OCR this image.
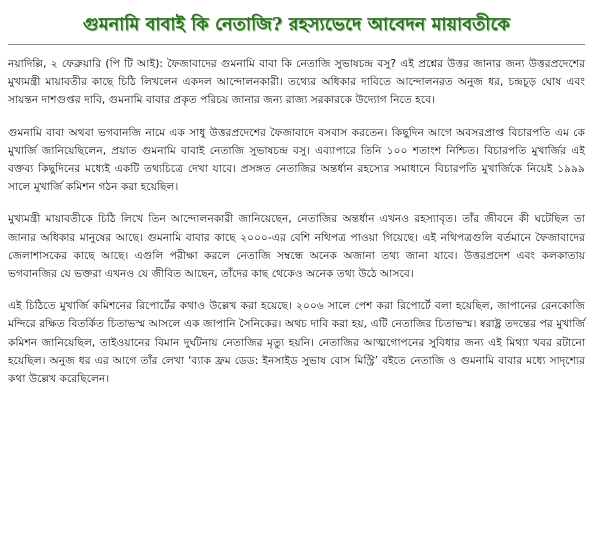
গুমনামি বাবাই কি নেতাজি? রহস্যভেদে আবেদন মায়াবতীকে

নয়াদিল্লি, ২ ফেব্রুয়ারি (পি টি আই): ফৈজাবাদের গুমনামি বাবা কি নেতাজি সুভাষচন্দ্র বসু? এই প্রশ্নের উত্তর জানার জন্য উত্তরপ্রদেশের মুখ্যমন্ত্রী মায়াবতীর কাছে চিঠি লিখলেন একদল আন্দোলনকারী। তথ্যের অধিকার দাবিতে আন্দোলনরত অনুজ ধর, চন্দ্রচূড় ঘোষ এবং সায়ন্তন দাশগুপ্তর দাবি, গুমনামি বাবার প্রকৃত পরিচয় জানার জন্য রাজ্য সরকারকে উদ্যোগ নিতে হবে।

গুমনামি বাবা অথবা ভগবানজি নামে এক সাধু উত্তরপ্রদেশের ফৈজাবাদে বসবাস করতেন। কিছুদিন আগে অবসরপ্রাপ্ত বিচারপতি এম কে মুখার্জি জানিয়েছিলেন, প্রয়াত গুমনামি বাবাই নেতাজি সুভাষচন্দ্র বসু। এব্যাপারে তিনি ১০০ শতাংশ নিশ্চিত। বিচারপতি মুখার্জির এই বক্তব্য কিছুদিনের মধ্যেই একটি তথ্যচিত্রে দেখা যাবে। প্রসঙ্গত নেতাজির অন্তর্ধান রহস্যের সমাধানে বিচারপতি মুখার্জিকে নিয়েই ১৯৯৯ সালে মুখার্জি কমিশন গঠন করা হয়েছিল।

মুখ্যমন্ত্রী মায়াবতীকে চিঠি লিখে তিন আন্দোলনকারী জানিয়েছেন, নেতাজির অন্তর্ধান এখনও রহস্যাবৃত। তাঁর জীবনে কী ঘটেছিল তা জানার অধিকার মানুষের আছে। গুমনামি বাবার কাছে ২০০০-এর বেশি নথিপত্র পাওয়া গিয়েছে। এই নথিপত্রগুলি বর্তমানে ফৈজাবাদের জেলাশাসকের কাছে আছে। এগুলি পরীক্ষা করলে নেতাজি সম্বন্ধে অনেক অজানা তথ্য জানা যাবে। উত্তরপ্রদেশ এবং কলকাতায় ভগবানজির যে ভক্তরা এখনও যে জীবিত আছেন, তাঁদের কাছ থেকেও অনেক তথ্য উঠে আসবে।

এই চিঠিতে মুখার্জি কমিশনের রিপোর্টের কথাও উল্লেখ করা হয়েছে। ২০০৬ সালে পেশ করা রিপোর্টে বলা হয়েছিল, জাপানের রেনকোজি মন্দিরে রক্ষিত বিতর্কিত চিতাভস্ম আসলে এক জাপানি সৈনিকের। অথচ দাবি করা হয়, এটি নেতাজির চিতাভস্ম। ষ্বরাষ্ট্র তদন্তের পর মুখার্জি কমিশন জানিয়েছিল, তাইওয়ানের বিমান দুর্ঘটনায় নেতাজির মৃত্যু হয়নি। নেতাজির আত্মগোপনের সুবিধার জন্য এই মিথ্যা খবর রটানো হয়েছিল। অনুজ ধর এর আগে তাঁর লেখা ‘ব্যাক ফ্রম ডেড: ইনসাইড সুভাষ বোস মিস্ট্রি’ বইতে নেতাজি ও গুমনামি বাবার মধ্যে সাদৃশ্যের কথা উল্লেখ করেছিলেন।
